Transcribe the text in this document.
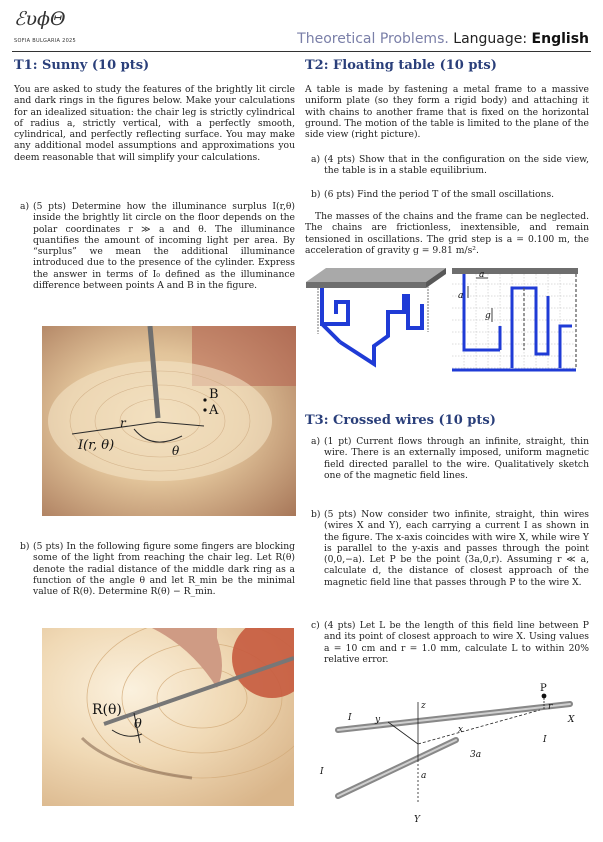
ℰυ𝜙Θ
SOFIA BULGARIA 2025	Theoretical Problems. Language: English
T1: Sunny (10 pts)
You are asked to study the features of the brightly lit circle and dark rings in the figures below. Make your calculations for an idealized situation: the chair leg is strictly cylindrical of radius a, strictly vertical, with a perfectly smooth, cylindrical, and perfectly reflecting surface. You may make any additional model assumptions and approximations you deem reasonable that will simplify your calculations.
a) (5 pts) Determine how the illuminance surplus I(r,θ) inside the brightly lit circle on the floor depends on the polar coordinates r ≫ a and θ. The illuminance quantifies the amount of incoming light per area. By “surplus” we mean the additional illuminance introduced due to the presence of the cylinder. Express the answer in terms of I₀ defined as the illuminance difference between points A and B in the figure.
B
A
r
I(r, θ)	θ
b) (5 pts) In the following figure some fingers are blocking some of the light from reaching the chair leg. Let R(θ) denote the radial distance of the middle dark ring as a function of the angle θ and let R_min be the minimal value of R(θ). Determine R(θ) − R_min.
R(θ)
θ
T2: Floating table (10 pts)
A table is made by fastening a metal frame to a massive uniform plate (so they form a rigid body) and attaching it with chains to another frame that is fixed on the horizontal ground. The motion of the table is limited to the plane of the side view (right picture).
a) (4 pts) Show that in the configuration on the side view, the table is in a stable equilibrium.
b) (6 pts) Find the period T of the small oscillations.
The masses of the chains and the frame can be neglected. The chains are frictionless, inextensible, and remain tensioned in oscillations. The grid step is a = 0.100 m, the acceleration of gravity g = 9.81 m/s².
a
a
g
T3: Crossed wires (10 pts)
a) (1 pt) Current flows through an infinite, straight, thin wire. There is an externally imposed, uniform magnetic field directed parallel to the wire. Qualitatively sketch one of the magnetic field lines.
b) (5 pts) Now consider two infinite, straight, thin wires (wires X and Y), each carrying a current I as shown in the figure. The x-axis coincides with wire X, while wire Y is parallel to the y-axis and passes through the point (0,0,−a). Let P be the point (3a,0,r). Assuming r ≪ a, calculate d, the distance of closest approach of the magnetic field line that passes through P to the wire X.
c) (4 pts) Let L be the length of this field line between P and its point of closest approach to wire X. Using values a = 10 cm and r = 1.0 mm, calculate L to within 20% relative error.
P
r
z
y
x
X
Y
I
I
I
a
3a
